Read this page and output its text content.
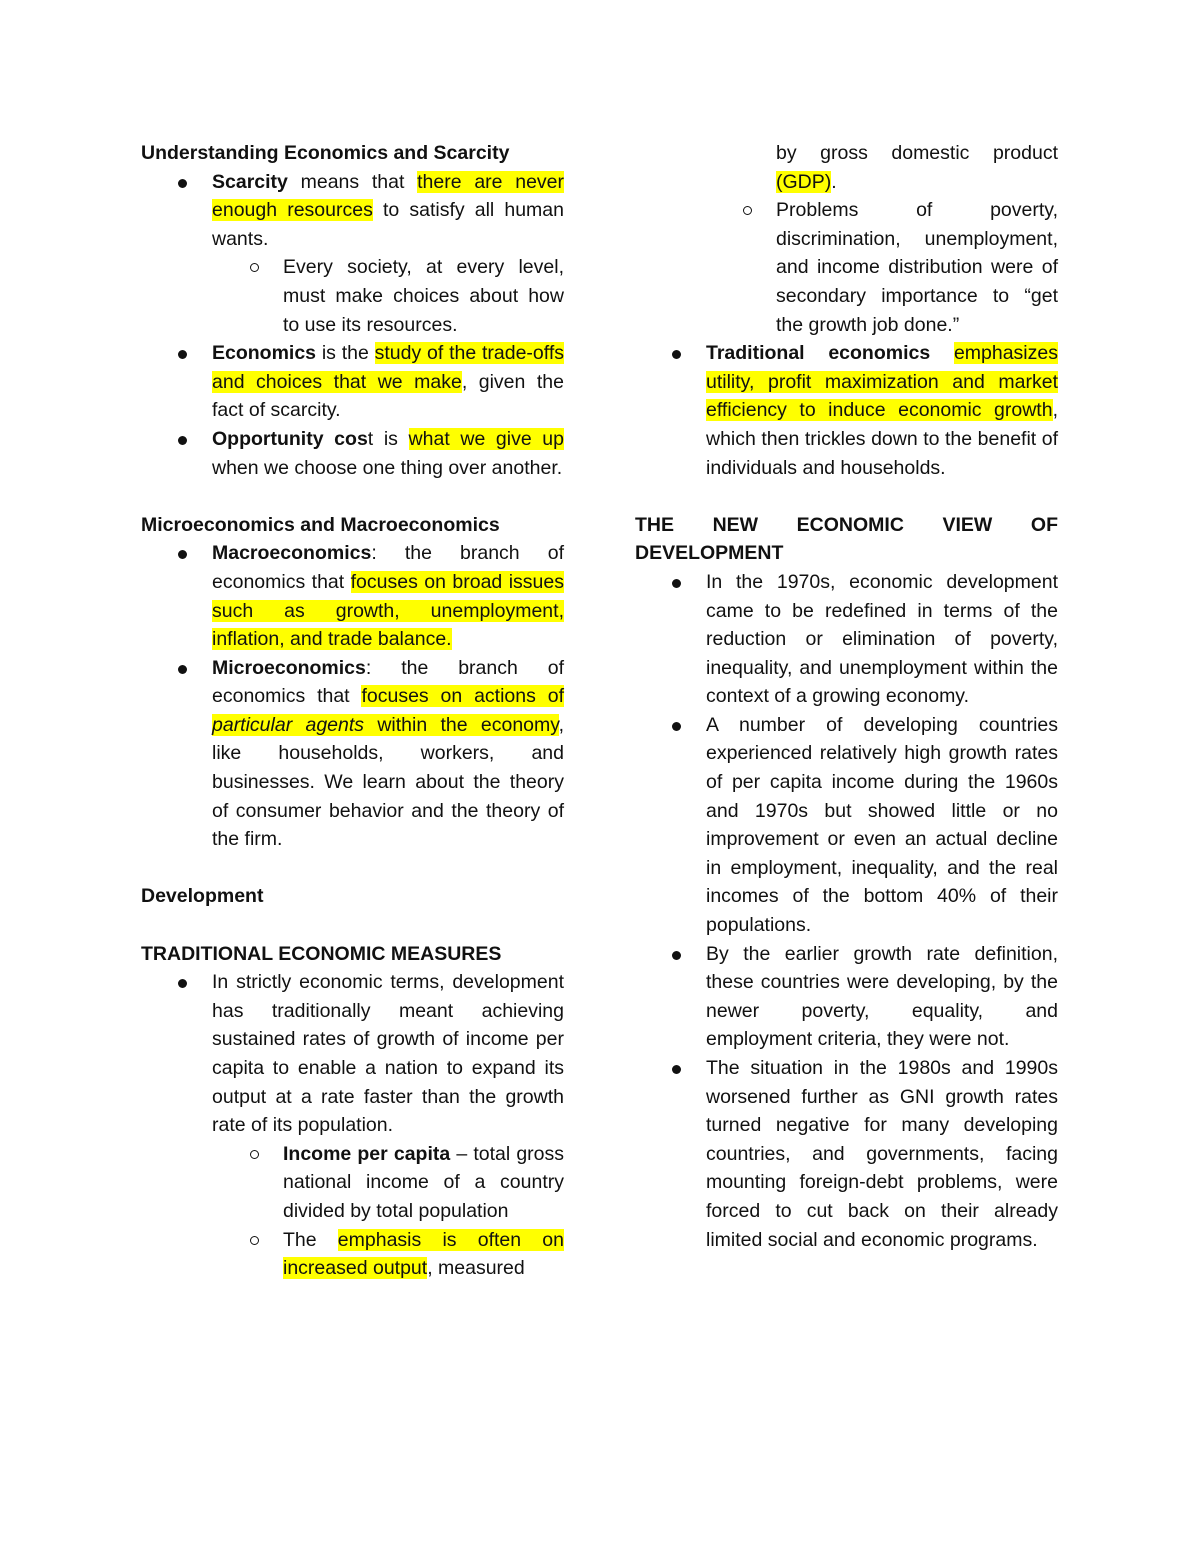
Understanding Economics and Scarcity

Scarcity means that there are never enough resources to satisfy all human wants.
Every society, at every level, must make choices about how to use its resources.
Economics is the study of the trade-offs and choices that we make, given the fact of scarcity.
Opportunity cost is what we give up when we choose one thing over another.

Microeconomics and Macroeconomics

Macroeconomics: the branch of economics that focuses on broad issues such as growth, unemployment, inflation, and trade balance.
Microeconomics: the branch of economics that focuses on actions of particular agents within the economy, like households, workers, and businesses. We learn about the theory of consumer behavior and the theory of the firm.

Development

TRADITIONAL ECONOMIC MEASURES

In strictly economic terms, development has traditionally meant achieving sustained rates of growth of income per capita to enable a nation to expand its output at a rate faster than the growth rate of its population.
Income per capita – total gross national income of a country divided by total population
The emphasis is often on increased output, measured
by gross domestic product (GDP).
Problems of poverty, discrimination, unemployment, and income distribution were of secondary importance to “get the growth job done.”
Traditional economics emphasizes utility, profit maximization and market efficiency to induce economic growth, which then trickles down to the benefit of individuals and households.

THE NEW ECONOMIC VIEW OF DEVELOPMENT

In the 1970s, economic development came to be redefined in terms of the reduction or elimination of poverty, inequality, and unemployment within the context of a growing economy.
A number of developing countries experienced relatively high growth rates of per capita income during the 1960s and 1970s but showed little or no improvement or even an actual decline in employment, inequality, and the real incomes of the bottom 40% of their populations.
By the earlier growth rate definition, these countries were developing, by the newer poverty, equality, and employment criteria, they were not.
The situation in the 1980s and 1990s worsened further as GNI growth rates turned negative for many developing countries, and governments, facing mounting foreign-debt problems, were forced to cut back on their already limited social and economic programs.
